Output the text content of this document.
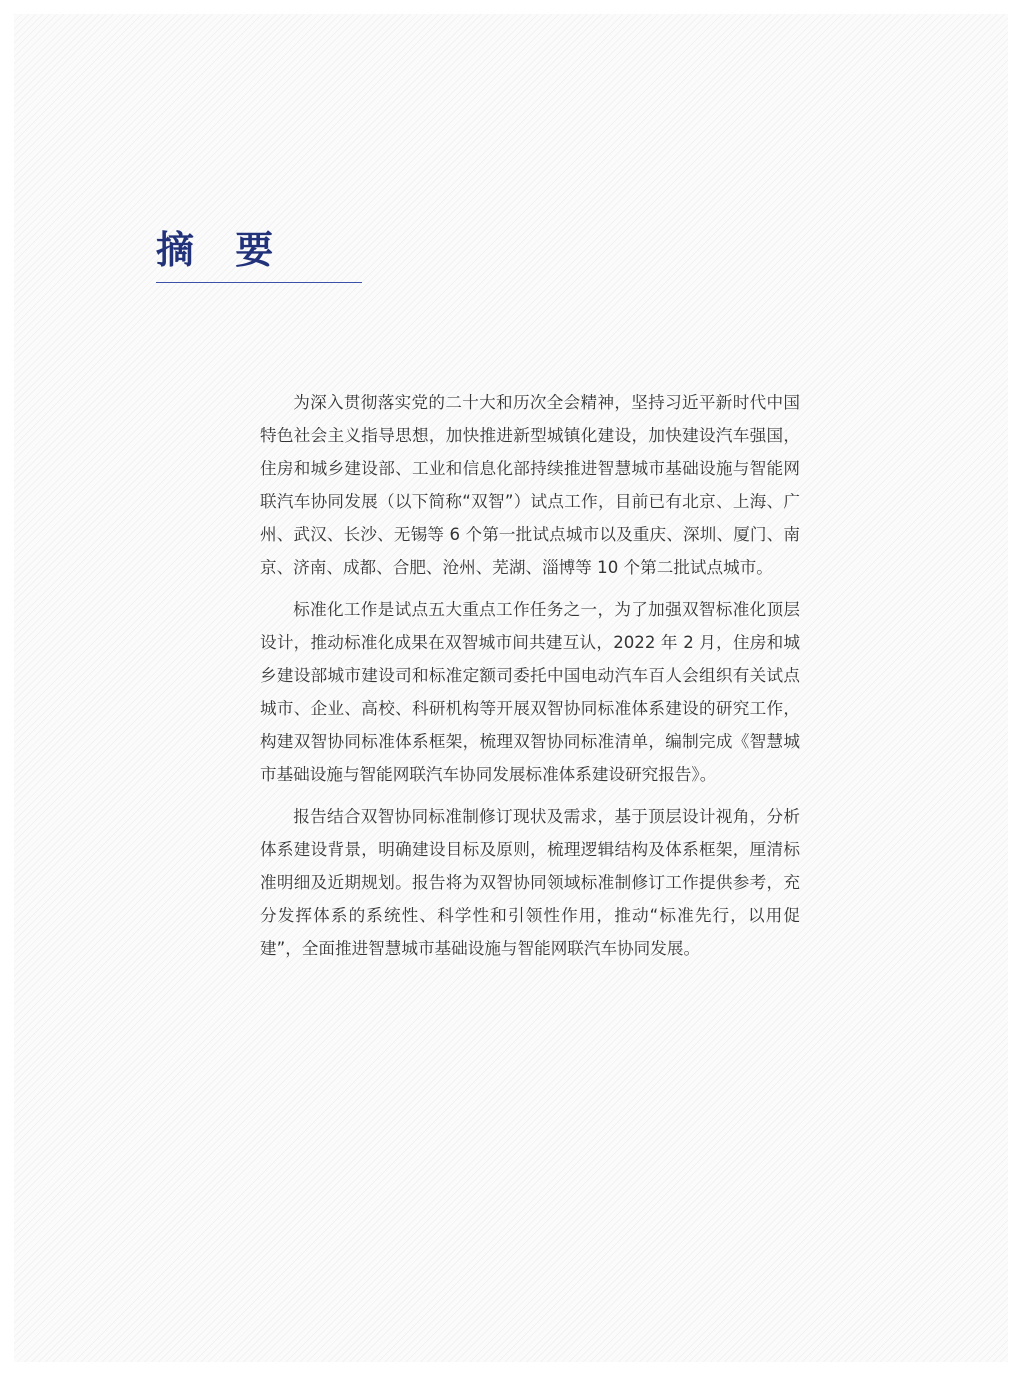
摘 要

为深入贯彻落实党的二十大和历次全会精神，坚持习近平新时代中国特色社会主义指导思想，加快推进新型城镇化建设，加快建设汽车强国，住房和城乡建设部、工业和信息化部持续推进智慧城市基础设施与智能网联汽车协同发展（以下简称“双智”）试点工作，目前已有北京、上海、广州、武汉、长沙、无锡等 6 个第一批试点城市以及重庆、深圳、厦门、南京、济南、成都、合肥、沧州、芜湖、淄博等 10 个第二批试点城市。

标准化工作是试点五大重点工作任务之一，为了加强双智标准化顶层设计，推动标准化成果在双智城市间共建互认，2022 年 2 月，住房和城乡建设部城市建设司和标准定额司委托中国电动汽车百人会组织有关试点城市、企业、高校、科研机构等开展双智协同标准体系建设的研究工作，构建双智协同标准体系框架，梳理双智协同标准清单，编制完成《智慧城市基础设施与智能网联汽车协同发展标准体系建设研究报告》。

报告结合双智协同标准制修订现状及需求，基于顶层设计视角，分析体系建设背景，明确建设目标及原则，梳理逻辑结构及体系框架，厘清标准明细及近期规划。报告将为双智协同领域标准制修订工作提供参考，充分发挥体系的系统性、科学性和引领性作用，推动“标准先行，以用促建”，全面推进智慧城市基础设施与智能网联汽车协同发展。
